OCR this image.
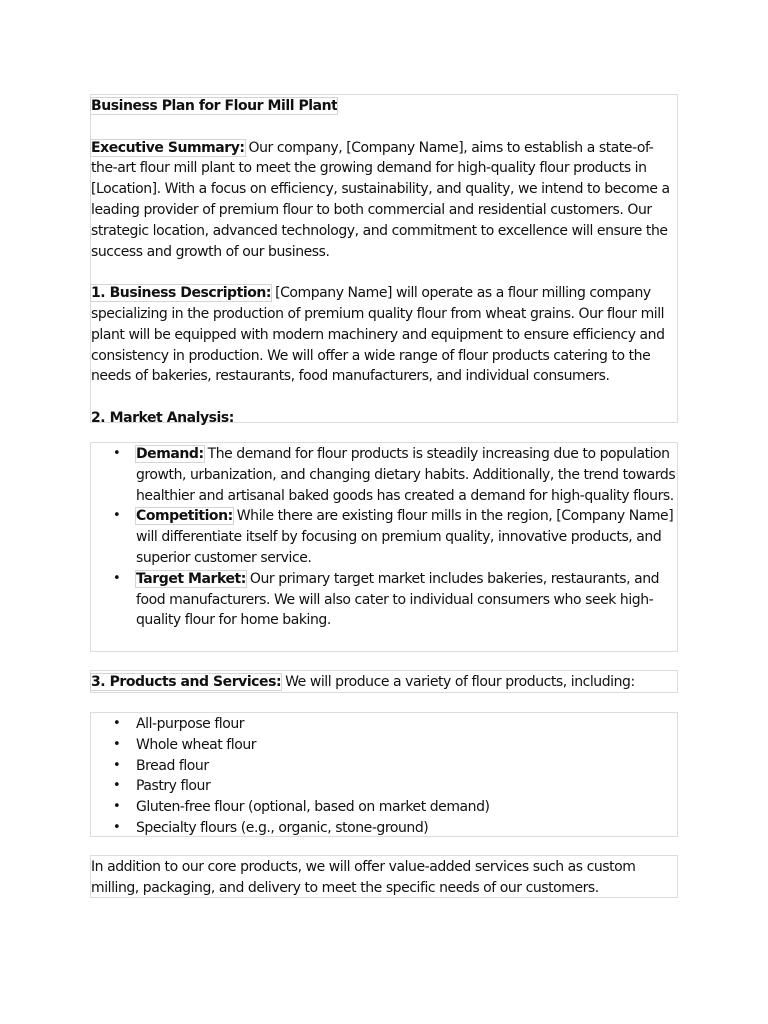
Business Plan for Flour Mill Plant

Executive Summary: Our company, [Company Name], aims to establish a state-of-the-art flour mill plant to meet the growing demand for high-quality flour products in [Location]. With a focus on efficiency, sustainability, and quality, we intend to become a leading provider of premium flour to both commercial and residential customers. Our strategic location, advanced technology, and commitment to excellence will ensure the success and growth of our business.

1. Business Description: [Company Name] will operate as a flour milling company specializing in the production of premium quality flour from wheat grains. Our flour mill plant will be equipped with modern machinery and equipment to ensure efficiency and consistency in production. We will offer a wide range of flour products catering to the needs of bakeries, restaurants, food manufacturers, and individual consumers.

2. Market Analysis:

• Demand: The demand for flour products is steadily increasing due to population growth, urbanization, and changing dietary habits. Additionally, the trend towards healthier and artisanal baked goods has created a demand for high-quality flours.
• Competition: While there are existing flour mills in the region, [Company Name] will differentiate itself by focusing on premium quality, innovative products, and superior customer service.
• Target Market: Our primary target market includes bakeries, restaurants, and food manufacturers. We will also cater to individual consumers who seek high-quality flour for home baking.

3. Products and Services: We will produce a variety of flour products, including:

• All-purpose flour
• Whole wheat flour
• Bread flour
• Pastry flour
• Gluten-free flour (optional, based on market demand)
• Specialty flours (e.g., organic, stone-ground)

In addition to our core products, we will offer value-added services such as custom milling, packaging, and delivery to meet the specific needs of our customers.
